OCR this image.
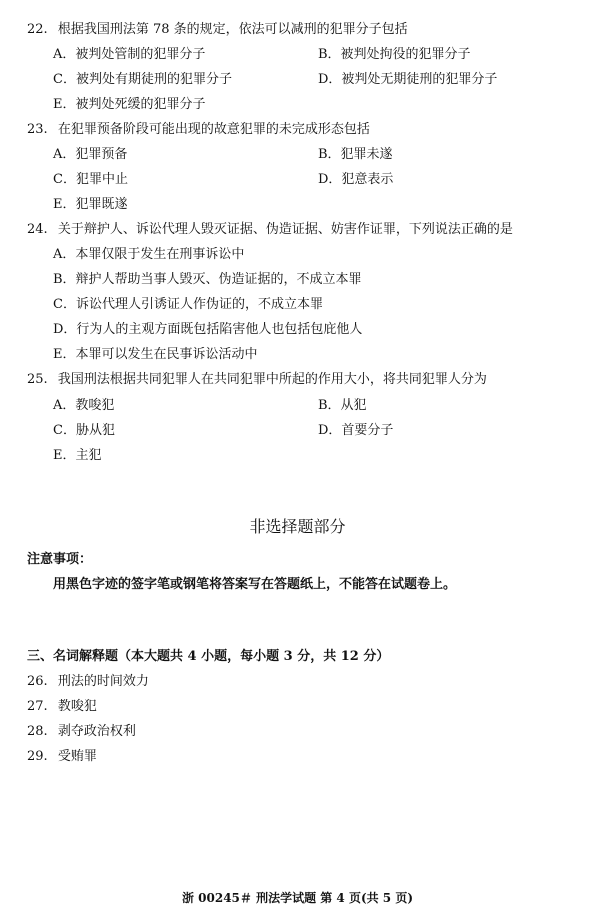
22. 根据我国刑法第 78 条的规定，依法可以减刑的犯罪分子包括
A．被判处管制的犯罪分子	B．被判处拘役的犯罪分子
C．被判处有期徒刑的犯罪分子	D．被判处无期徒刑的犯罪分子
E．被判处死缓的犯罪分子
23. 在犯罪预备阶段可能出现的故意犯罪的未完成形态包括
A．犯罪预备	B．犯罪未遂
C．犯罪中止	D．犯意表示
E．犯罪既遂
24. 关于辩护人、诉讼代理人毁灭证据、伪造证据、妨害作证罪，下列说法正确的是
A．本罪仅限于发生在刑事诉讼中
B．辩护人帮助当事人毁灭、伪造证据的，不成立本罪
C．诉讼代理人引诱证人作伪证的，不成立本罪
D．行为人的主观方面既包括陷害他人也包括包庇他人
E．本罪可以发生在民事诉讼活动中
25. 我国刑法根据共同犯罪人在共同犯罪中所起的作用大小，将共同犯罪人分为
A．教唆犯	B．从犯
C．胁从犯	D．首要分子
E．主犯
非选择题部分
注意事项：
用黑色字迹的签字笔或钢笔将答案写在答题纸上，不能答在试题卷上。
三、名词解释题（本大题共 4 小题，每小题 3 分，共 12 分）
26. 刑法的时间效力
27. 教唆犯
28. 剥夺政治权利
29. 受贿罪
浙 00245＃ 刑法学试题 第 4 页(共 5 页)
